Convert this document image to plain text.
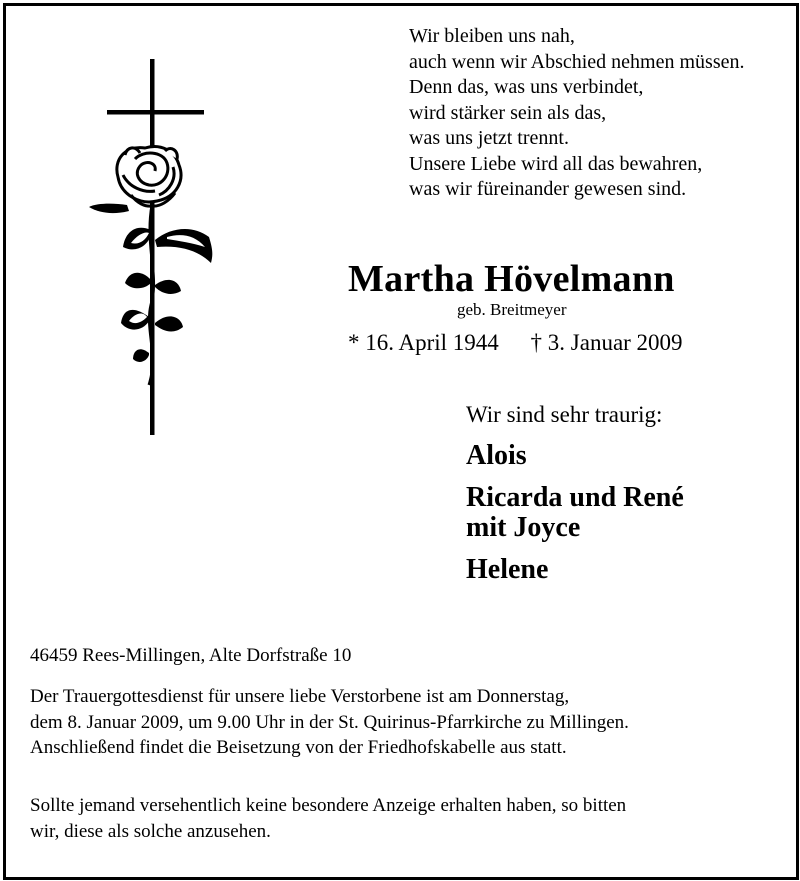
Wir bleiben uns nah,
auch wenn wir Abschied nehmen müssen.
Denn das, was uns verbindet,
wird stärker sein als das,
was uns jetzt trennt.
Unsere Liebe wird all das bewahren,
was wir füreinander gewesen sind.
Martha Hövelmann
geb. Breitmeyer
* 16. April 1944 † 3. Januar 2009
Wir sind sehr traurig:
Alois
Ricarda und René
mit Joyce
Helene
46459 Rees-Millingen, Alte Dorfstraße 10
Der Trauergottesdienst für unsere liebe Verstorbene ist am Donnerstag,
dem 8. Januar 2009, um 9.00 Uhr in der St. Quirinus-Pfarrkirche zu Millingen.
Anschließend findet die Beisetzung von der Friedhofskabelle aus statt.
Sollte jemand versehentlich keine besondere Anzeige erhalten haben, so bitten
wir, diese als solche anzusehen.
